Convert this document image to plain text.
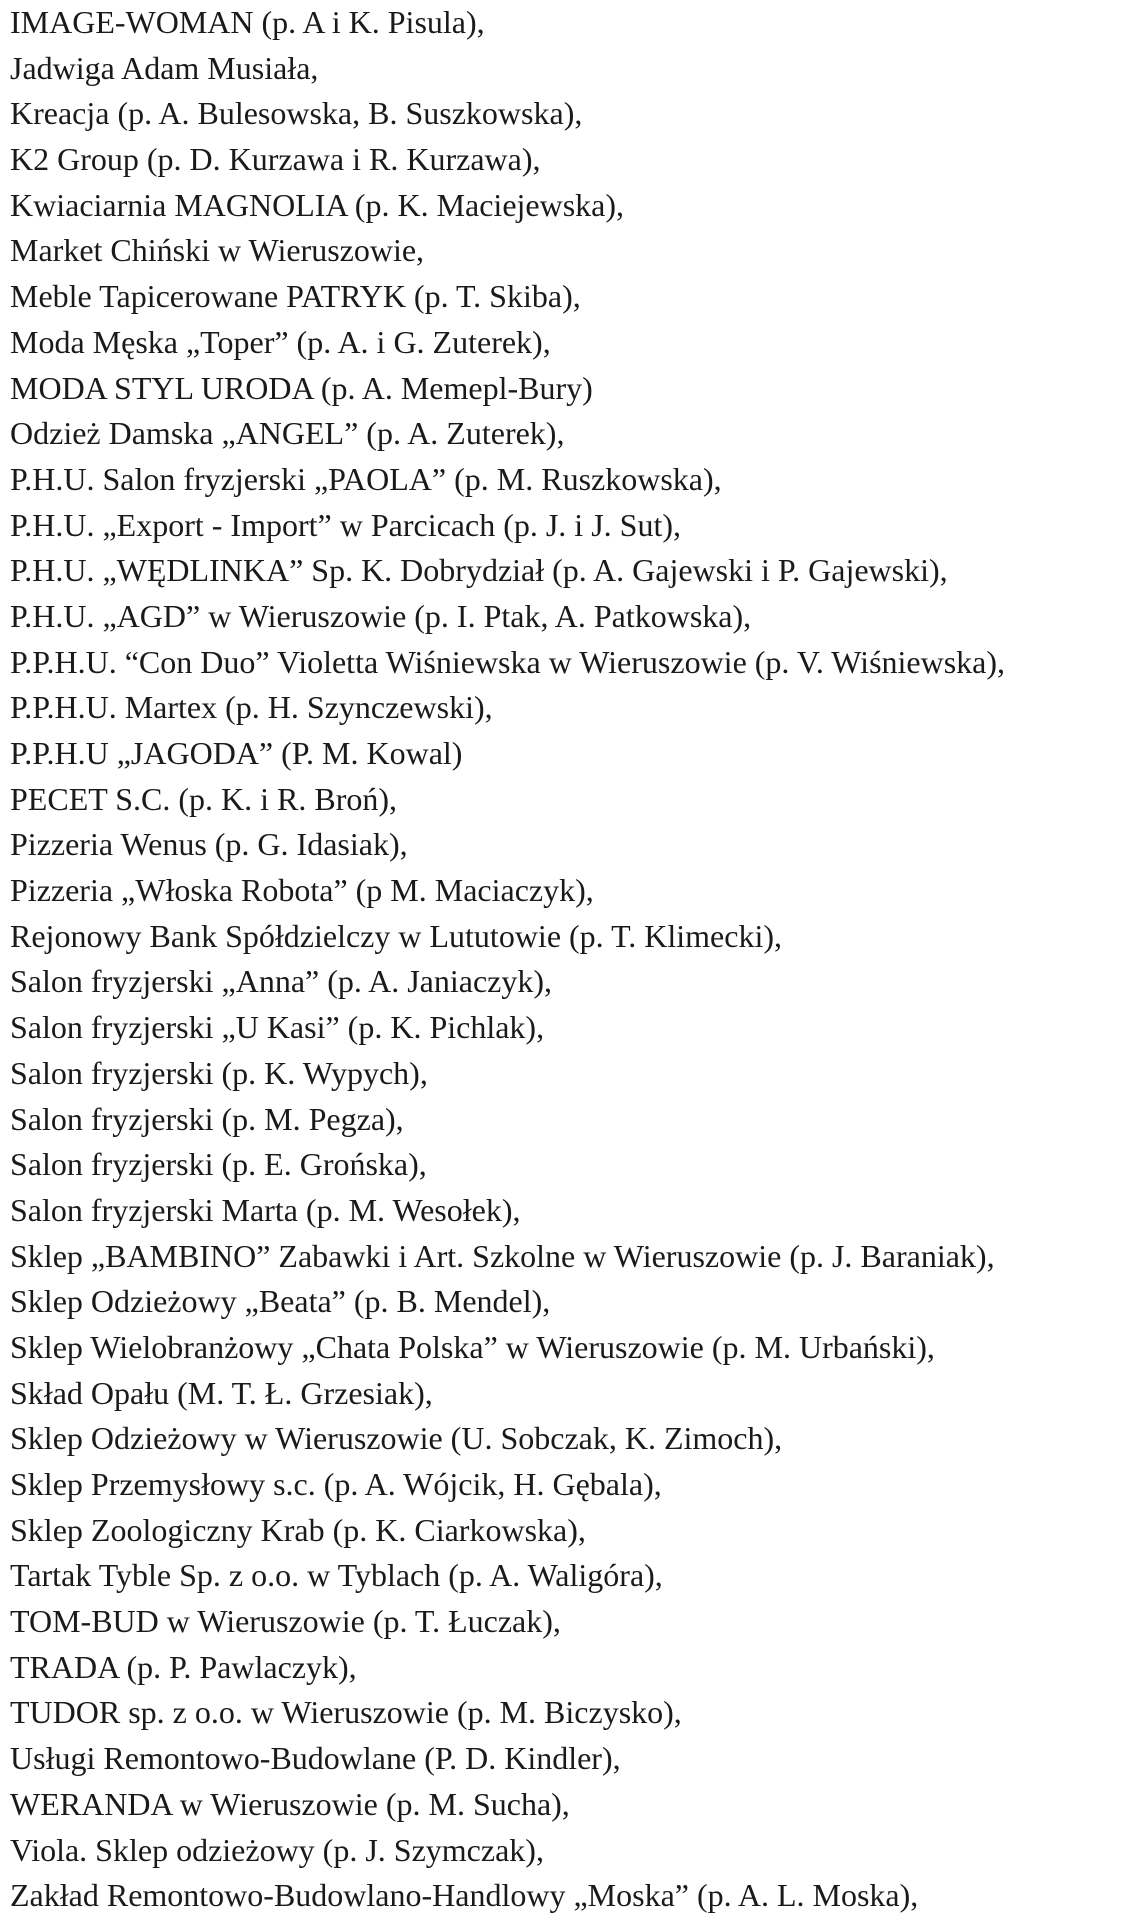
IMAGE-WOMAN (p. A i K. Pisula),
Jadwiga Adam Musiała,
Kreacja (p. A. Bulesowska, B. Suszkowska),
K2 Group (p. D. Kurzawa i R. Kurzawa),
Kwiaciarnia MAGNOLIA (p. K. Maciejewska),
Market Chiński w Wieruszowie,
Meble Tapicerowane PATRYK (p. T. Skiba),
Moda Męska „Toper” (p. A. i G. Zuterek),
MODA STYL URODA (p. A. Memepl-Bury)
Odzież Damska „ANGEL” (p. A. Zuterek),
P.H.U. Salon fryzjerski „PAOLA” (p. M. Ruszkowska),
P.H.U. „Export - Import” w Parcicach (p. J. i J. Sut),
P.H.U. „WĘDLINKA” Sp. K. Dobrydział (p. A. Gajewski i P. Gajewski),
P.H.U. „AGD” w Wieruszowie (p. I. Ptak, A. Patkowska),
P.P.H.U. “Con Duo” Violetta Wiśniewska w Wieruszowie (p. V. Wiśniewska),
P.P.H.U. Martex (p. H. Szynczewski),
P.P.H.U „JAGODA” (P. M. Kowal)
PECET S.C. (p. K. i R. Broń),
Pizzeria Wenus (p. G. Idasiak),
Pizzeria „Włoska Robota” (p M. Maciaczyk),
Rejonowy Bank Spółdzielczy w Lututowie (p. T. Klimecki),
Salon fryzjerski „Anna” (p. A. Janiaczyk),
Salon fryzjerski „U Kasi” (p. K. Pichlak),
Salon fryzjerski (p. K. Wypych),
Salon fryzjerski (p. M. Pegza),
Salon fryzjerski (p. E. Grońska),
Salon fryzjerski Marta (p. M. Wesołek),
Sklep „BAMBINO” Zabawki i Art. Szkolne w Wieruszowie (p. J. Baraniak),
Sklep Odzieżowy „Beata” (p. B. Mendel),
Sklep Wielobranżowy „Chata Polska” w Wieruszowie (p. M. Urbański),
Skład Opału (M. T. Ł. Grzesiak),
Sklep Odzieżowy w Wieruszowie (U. Sobczak, K. Zimoch),
Sklep Przemysłowy s.c. (p. A. Wójcik, H. Gębala),
Sklep Zoologiczny Krab (p. K. Ciarkowska),
Tartak Tyble Sp. z o.o. w Tyblach (p. A. Waligóra),
TOM-BUD w Wieruszowie (p. T. Łuczak),
TRADA (p. P. Pawlaczyk),
TUDOR sp. z o.o. w Wieruszowie (p. M. Biczysko),
Usługi Remontowo-Budowlane (P. D. Kindler),
WERANDA w Wieruszowie (p. M. Sucha),
Viola. Sklep odzieżowy (p. J. Szymczak),
Zakład Remontowo-Budowlano-Handlowy „Moska” (p. A. L. Moska),
